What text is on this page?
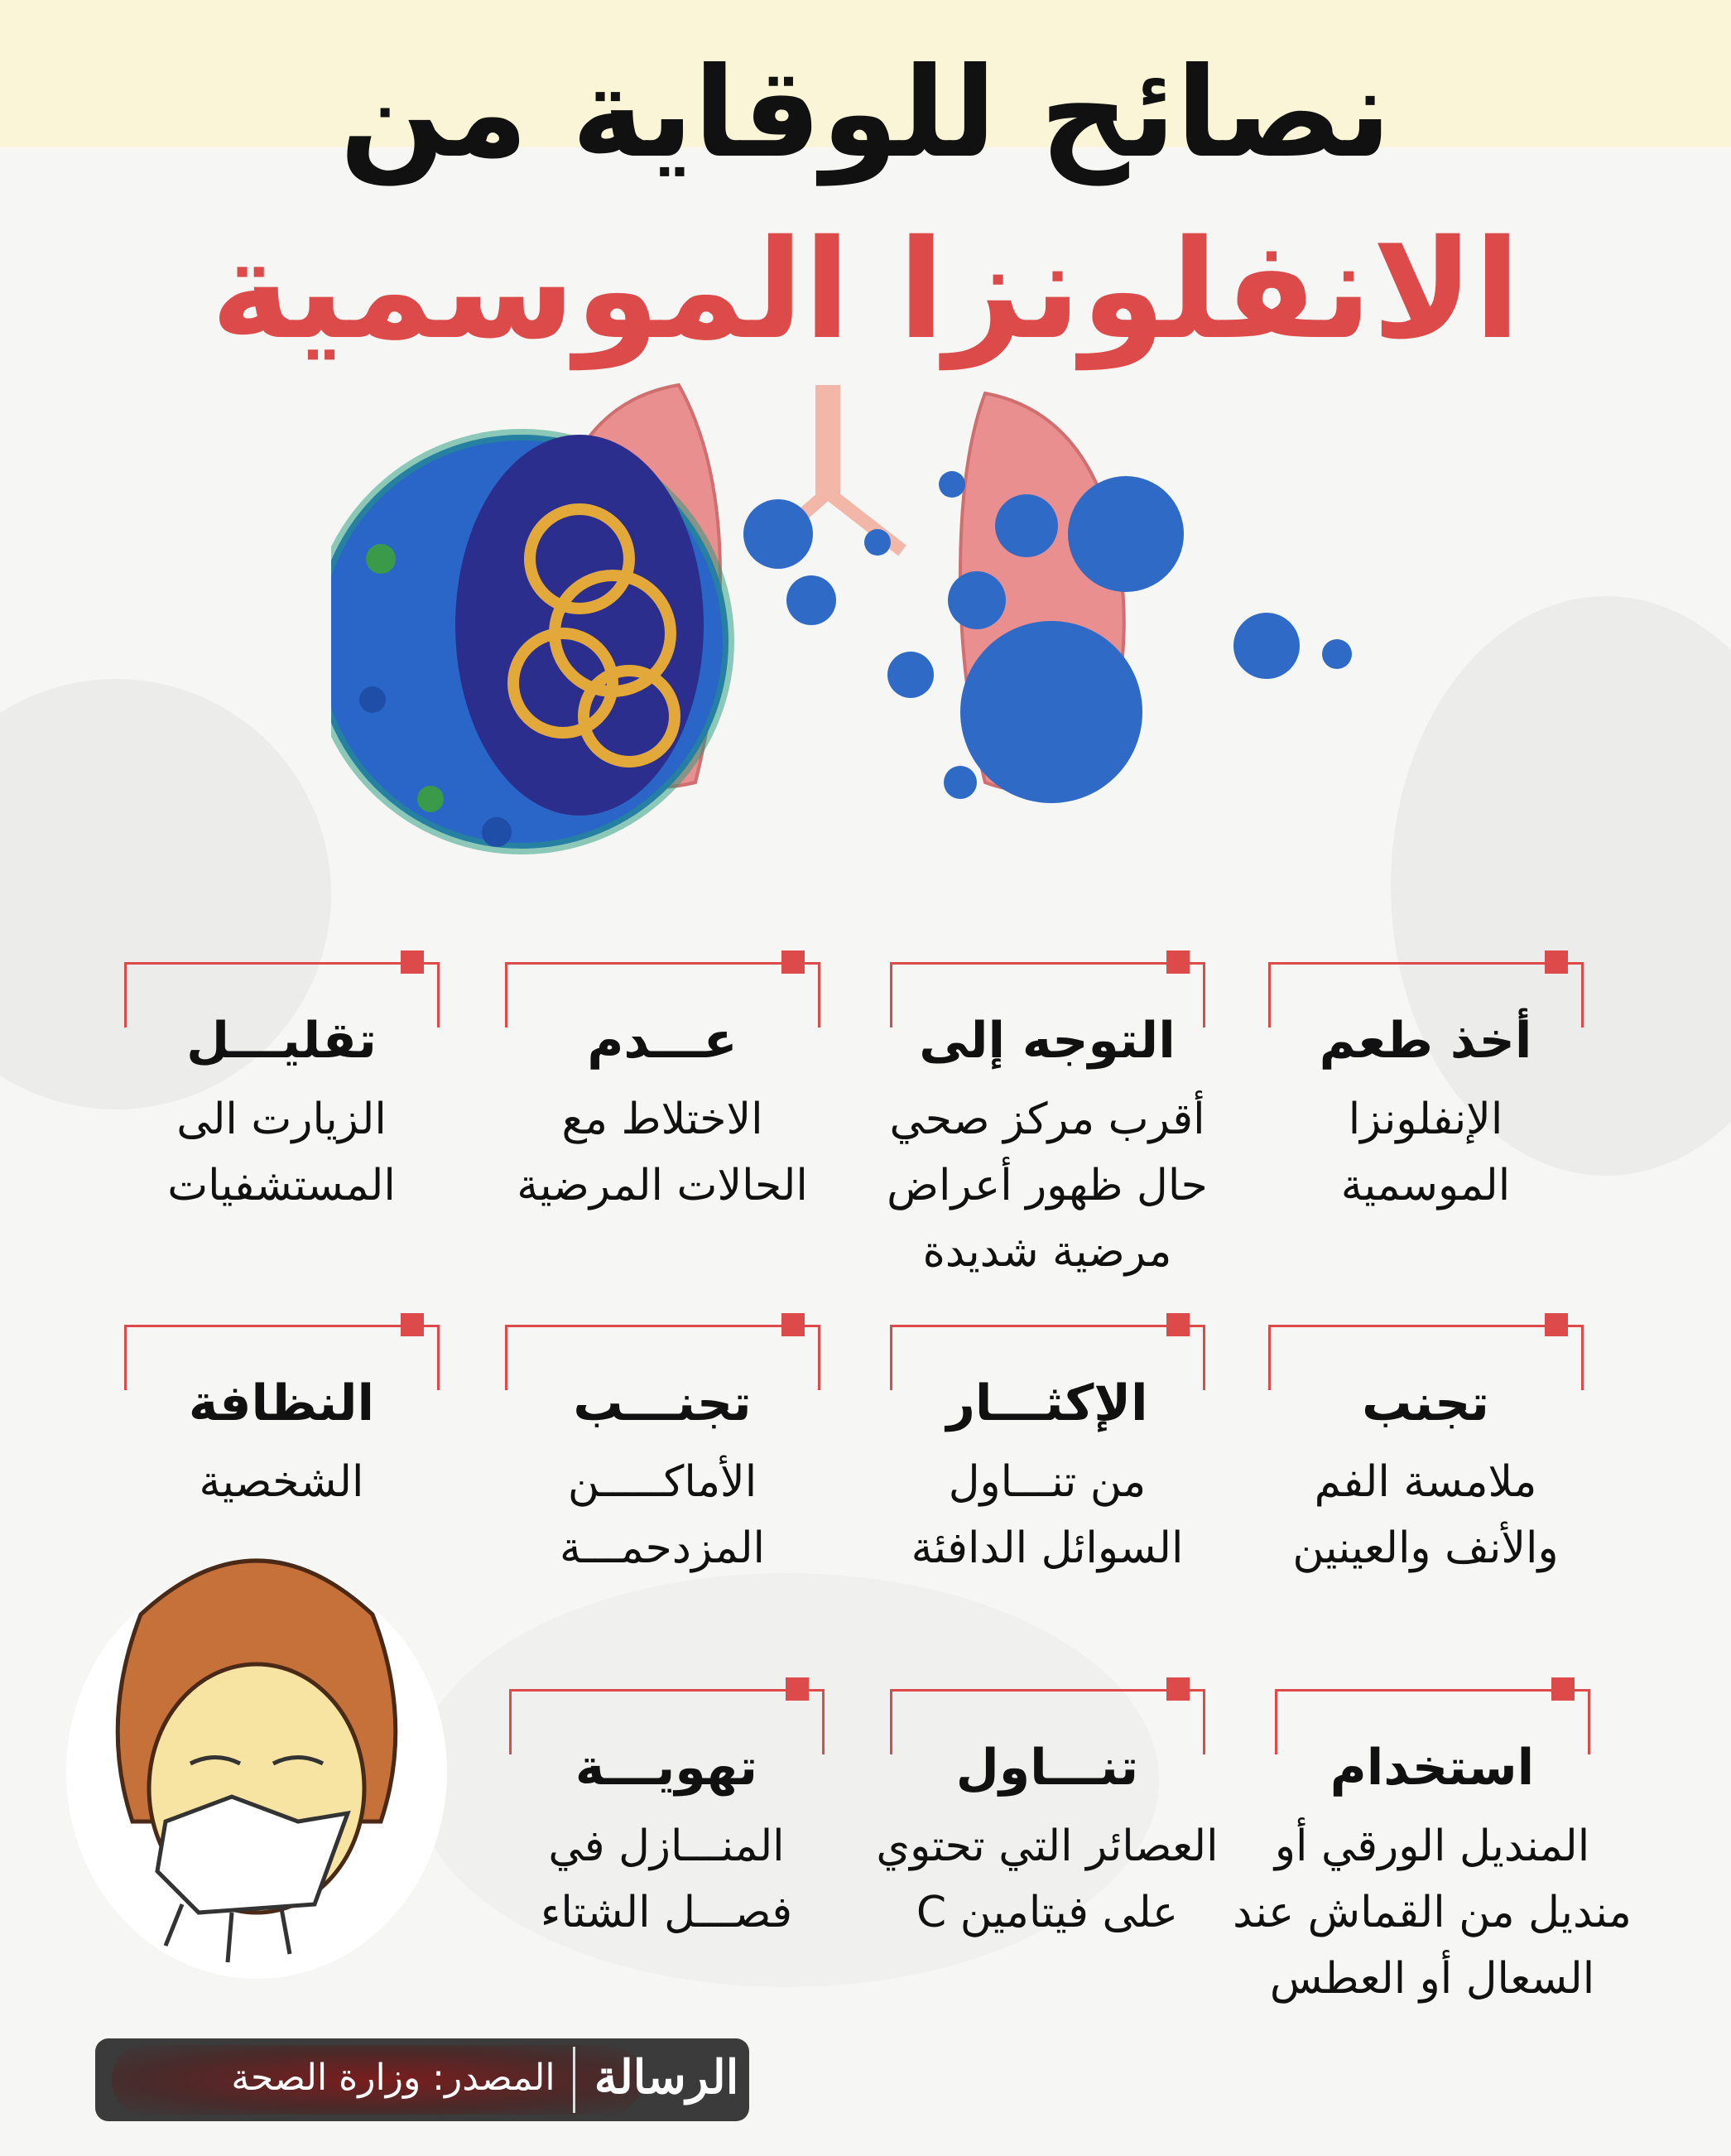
نصائح للوقاية من
الانفلونزا الموسمية
أخذ طعم
الإنفلونزا
الموسمية
التوجه إلى
أقرب مركز صحي
حال ظهور أعراض
مرضية شديدة
عـــدم
الاختلاط مع
الحالات المرضية
تقليـــل
الزيارت الى
المستشفيات
تجنب
ملامسة الفم
والأنف والعينين
الإكثـــار
من تنـــاول
السوائل الدافئة
تجنـــب
الأماكـــــن
المزدحمـــة
النظافة
الشخصية
استخدام
المنديل الورقي أو
منديل من القماش عند
السعال أو العطس
تنـــاول
العصائر التي تحتوي
على فيتامين C
تهويـــة
المنـــازل في
فصـــل الشتاء
المصدر: وزارة الصحة الرسالة
